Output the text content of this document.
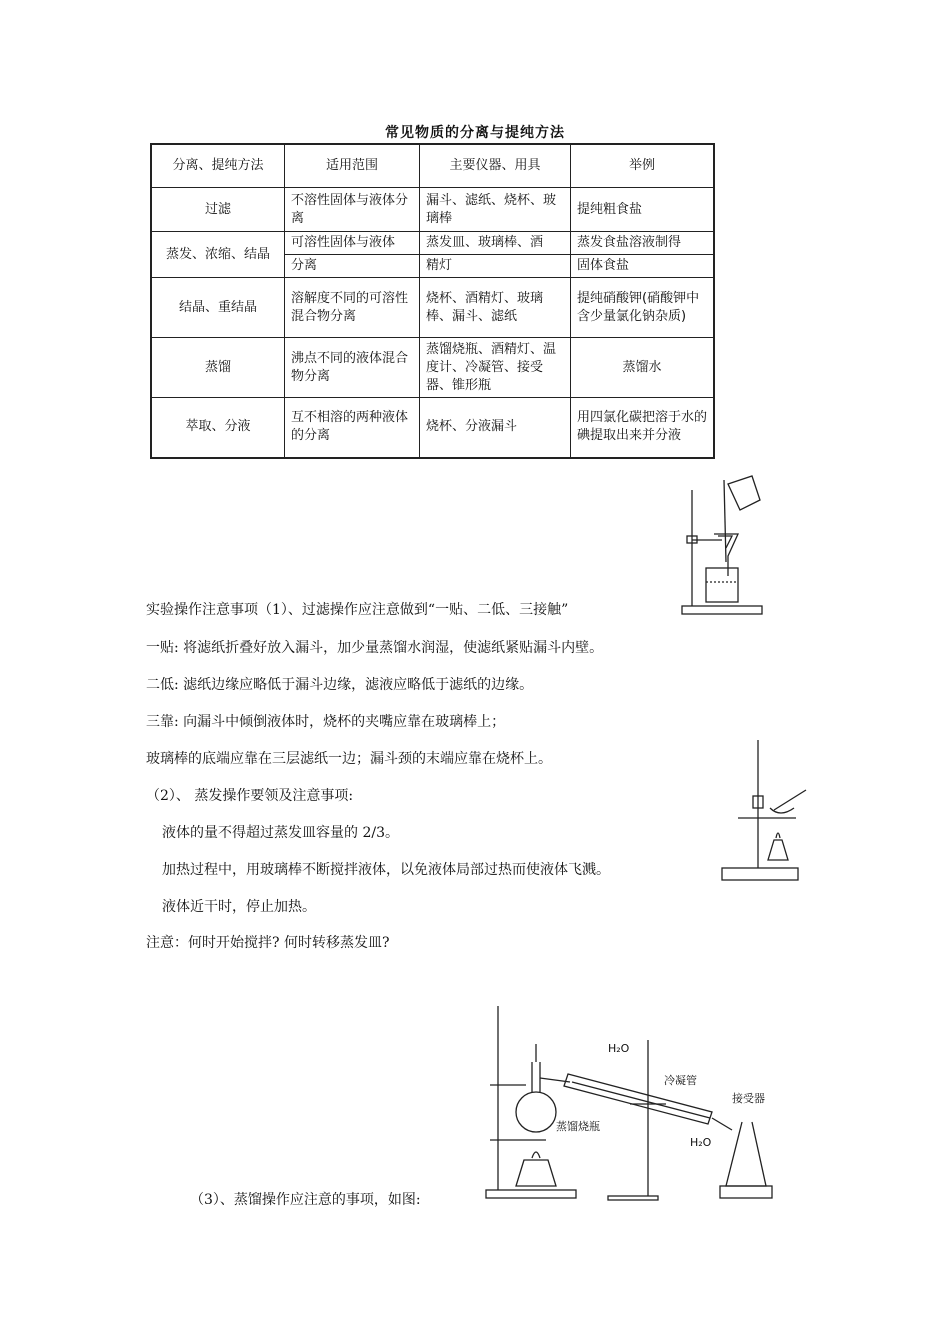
常见物质的分离与提纯方法
分离、提纯方法	适用范围	主要仪器、用具	举例
过滤	不溶性固体与液体分离	漏斗、滤纸、烧杯、玻璃棒	提纯粗食盐
蒸发、浓缩、结晶	可溶性固体与液体	蒸发皿、玻璃棒、酒	蒸发食盐溶液制得
	分离	精灯	固体食盐
结晶、重结晶	溶解度不同的可溶性混合物分离	烧杯、酒精灯、玻璃棒、漏斗、滤纸	提纯硝酸钾(硝酸钾中含少量氯化钠杂质)
蒸馏	沸点不同的液体混合物分离	蒸馏烧瓶、酒精灯、温度计、冷凝管、接受器、锥形瓶	蒸馏水
萃取、分液	互不相溶的两种液体的分离	烧杯、分液漏斗	用四氯化碳把溶于水的碘提取出来并分液
实验操作注意事项（1）、过滤操作应注意做到“一贴、二低、三接触”
一贴: 将滤纸折叠好放入漏斗，加少量蒸馏水润湿，使滤纸紧贴漏斗内壁。
二低: 滤纸边缘应略低于漏斗边缘，滤液应略低于滤纸的边缘。
三靠: 向漏斗中倾倒液体时，烧杯的夹嘴应靠在玻璃棒上；
玻璃棒的底端应靠在三层滤纸一边；漏斗颈的末端应靠在烧杯上。
（2）、 蒸发操作要领及注意事项:
液体的量不得超过蒸发皿容量的 2/3。
加热过程中，用玻璃棒不断搅拌液体，以免液体局部过热而使液体飞溅。
液体近干时，停止加热。
注意：何时开始搅拌? 何时转移蒸发皿?
H₂O
冷凝管
接受器
蒸馏烧瓶
H₂O
（3）、蒸馏操作应注意的事项，如图:
